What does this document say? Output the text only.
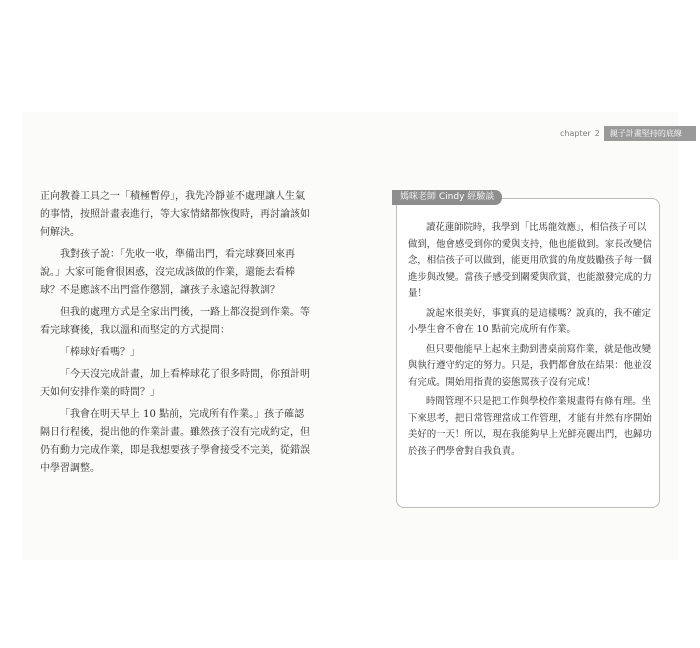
chapter 2	親子計畫堅持的底線

正向教養工具之一「積極暫停」，我先冷靜並不處理讓人生氣的事情，按照計畫表進行，等大家情緒都恢復時，再討論該如何解決。

我對孩子說：「先收一收，準備出門，看完球賽回來再說。」大家可能會很困惑，沒完成該做的作業，還能去看棒球？不是應該不出門當作懲罰，讓孩子永遠記得教訓？

但我的處理方式是全家出門後，一路上都沒提到作業。等看完球賽後，我以溫和而堅定的方式提問：

「棒球好看嗎？」

「今天沒完成計畫，加上看棒球花了很多時間，你預計明天如何安排作業的時間？」

「我會在明天早上 10 點前，完成所有作業。」孩子確認隔日行程後，提出他的作業計畫。雖然孩子沒有完成約定，但仍有動力完成作業，即是我想要孩子學會接受不完美，從錯誤中學習調整。

媽咪老師 Cindy 經驗談

讀花蓮師院時，我學到「比馬龍效應」，相信孩子可以做到，他會感受到你的愛與支持，他也能做到。家長改變信念，相信孩子可以做到，能更用欣賞的角度鼓勵孩子每一個進步與改變。當孩子感受到關愛與欣賞，也能激發完成的力量！

說起來很美好，事實真的是這樣嗎？說真的，我不確定小學生會不會在 10 點前完成所有作業。

但只要他能早上起來主動到書桌前寫作業，就是他改變與執行遵守約定的努力。只是，我們都會放在結果：他並沒有完成。開始用指責的姿態罵孩子沒有完成！

時間管理不只是把工作與學校作業規畫得有條有理。坐下來思考，把日常管理當成工作管理，才能有井然有序開始美好的一天！所以，現在我能夠早上光鮮亮麗出門，也歸功於孩子們學會對自我負責。
